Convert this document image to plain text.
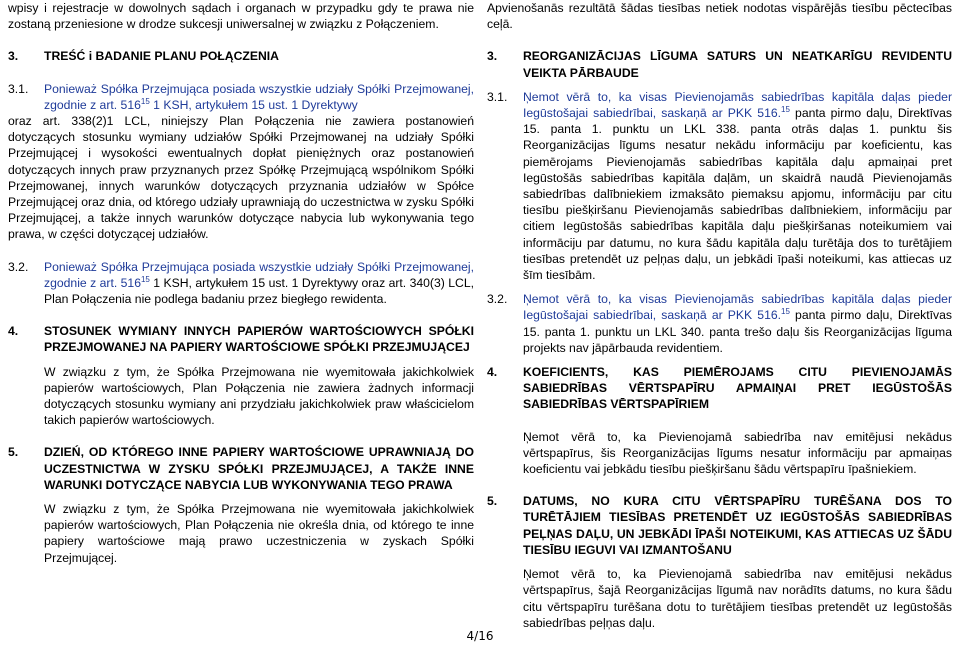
wpisy i rejestracje w dowolnych sądach i organach w przypadku gdy te prawa nie zostaną przeniesione w drodze sukcesji uniwersalnej w związku z Połączeniem.

3.	TREŚĆ i BADANIE PLANU POŁĄCZENIA
3.1.	Ponieważ Spółka Przejmująca posiada wszystkie udziały Spółki Przejmowanej, zgodnie z art. $516^{15}$ 1 KSH, artykułem 15 ust. 1 Dyrektywy

oraz art. 338(2)1 LCL, niniejszy Plan Połączenia nie zawiera postanowień dotyczących stosunku wymiany udziałów Spółki Przejmowanej na udziały Spółki Przejmującej i wysokości ewentualnych dopłat pieniężnych oraz postanowień dotyczących innych praw przyznanych przez Spółkę Przejmującą wspólnikom Spółki Przejmowanej, innych warunków dotyczących przyznania udziałów w Spółce Przejmującej oraz dnia, od którego udziały uprawniają do uczestnictwa w zysku Spółki Przejmującej, a także innych warunków dotyczące nabycia lub wykonywania tego prawa, w części dotyczącej udziałów.

3.2.	Ponieważ Spółka Przejmująca posiada wszystkie udziały Spółki Przejmowanej, zgodnie z art. $516^{15}$ 1 KSH, artykułem 15 ust. 1 Dyrektywy oraz art. 340(3) LCL, Plan Połączenia nie podlega badaniu przez biegłego rewidenta.
4.	STOSUNEK WYMIANY INNYCH PAPIERÓW WARTOŚCIOWYCH SPÓŁKI PRZEJMOWANEJ NA PAPIERY WARTOŚCIOWE SPÓŁKI PRZEJMUJĄCEJ

W związku z tym, że Spółka Przejmowana nie wyemitowała jakichkolwiek papierów wartościowych, Plan Połączenia nie zawiera żadnych informacji dotyczących stosunku wymiany ani przydziału jakichkolwiek praw właścicielom takich papierów wartościowych.

5.	DZIEŃ, OD KTÓREGO INNE PAPIERY WARTOŚCIOWE UPRAWNIAJĄ DO UCZESTNICTWA W ZYSKU SPÓŁKI PRZEJMUJĄCEJ, A TAKŻE INNE WARUNKI DOTYCZĄCE NABYCIA LUB WYKONYWANIA TEGO PRAWA

W związku z tym, że Spółka Przejmowana nie wyemitowała jakichkolwiek papierów wartościowych, Plan Połączenia nie określa dnia, od którego te inne papiery wartościowe mają prawo uczestniczenia w zyskach Spółki Przejmującej.

Apvienošanās rezultātā šādas tiesības netiek nodotas vispārējās tiesību pēctecības ceļā.

3.	REORGANIZĀCIJAS LĪGUMA SATURS UN NEATKARĪGU REVIDENTU VEIKTA PĀRBAUDE
3.1.	Ņemot vērā to, ka visas Pievienojamās sabiedrības kapitāla daļas pieder Iegūstošajai sabiedrībai, saskaņā ar PKK 516.15 panta pirmo daļu, Direktīvas 15. panta 1. punktu un LKL 338. panta otrās daļas 1. punktu šis Reorganizācijas līgums nesatur nekādu informāciju par koeficientu, kas piemērojams Pievienojamās sabiedrības kapitāla daļu apmaiņai pret Iegūstošās sabiedrības kapitāla daļām, un skaidrā naudā Pievienojamās sabiedrības dalībniekiem izmaksāto piemaksu apjomu, informāciju par citu tiesību piešķiršanu Pievienojamās sabiedrības dalībniekiem, informāciju par citiem Iegūstošās sabiedrības kapitāla daļu piešķiršanas noteikumiem vai informāciju par datumu, no kura šādu kapitāla daļu turētāja dos to turētājiem tiesības pretendēt uz peļņas daļu, un jebkādi īpaši noteikumi, kas attiecas uz šīm tiesībām.
3.2.	Ņemot vērā to, ka visas Pievienojamās sabiedrības kapitāla daļas pieder Iegūstošajai sabiedrībai, saskaņā ar PKK 516.15 panta pirmo daļu, Direktīvas 15. panta 1. punktu un LKL 340. panta trešo daļu šis Reorganizācijas līguma projekts nav jāpārbauda revidentiem.
4.	KOEFICIENTS, KAS PIEMĒROJAMS CITU PIEVIENOJAMĀS SABIEDRĪBAS VĒRTSPAPĪRU APMAIŅAI PRET IEGŪSTOŠĀS SABIEDRĪBAS VĒRTSPAPĪRIEM

Ņemot vērā to, ka Pievienojamā sabiedrība nav emitējusi nekādus vērtspapīrus, šis Reorganizācijas līgums nesatur informāciju par apmaiņas koeficientu vai jebkādu tiesību piešķiršanu šādu vērtspapīru īpašniekiem.

5.	DATUMS, NO KURA CITU VĒRTSPAPĪRU TURĒŠANA DOS TO TURĒTĀJIEM TIESĪBAS PRETENDĒT UZ IEGŪSTOŠĀS SABIEDRĪBAS PEĻŅAS DAĻU, UN JEBKĀDI ĪPAŠI NOTEIKUMI, KAS ATTIECAS UZ ŠĀDU TIESĪBU IEGUVI VAI IZMANTOŠANU

Ņemot vērā to, ka Pievienojamā sabiedrība nav emitējusi nekādus vērtspapīrus, šajā Reorganizācijas līgumā nav norādīts datums, no kura šādu citu vērtspapīru turēšana dotu to turētājiem tiesības pretendēt uz Iegūstošās sabiedrības peļņas daļu.

4/16
